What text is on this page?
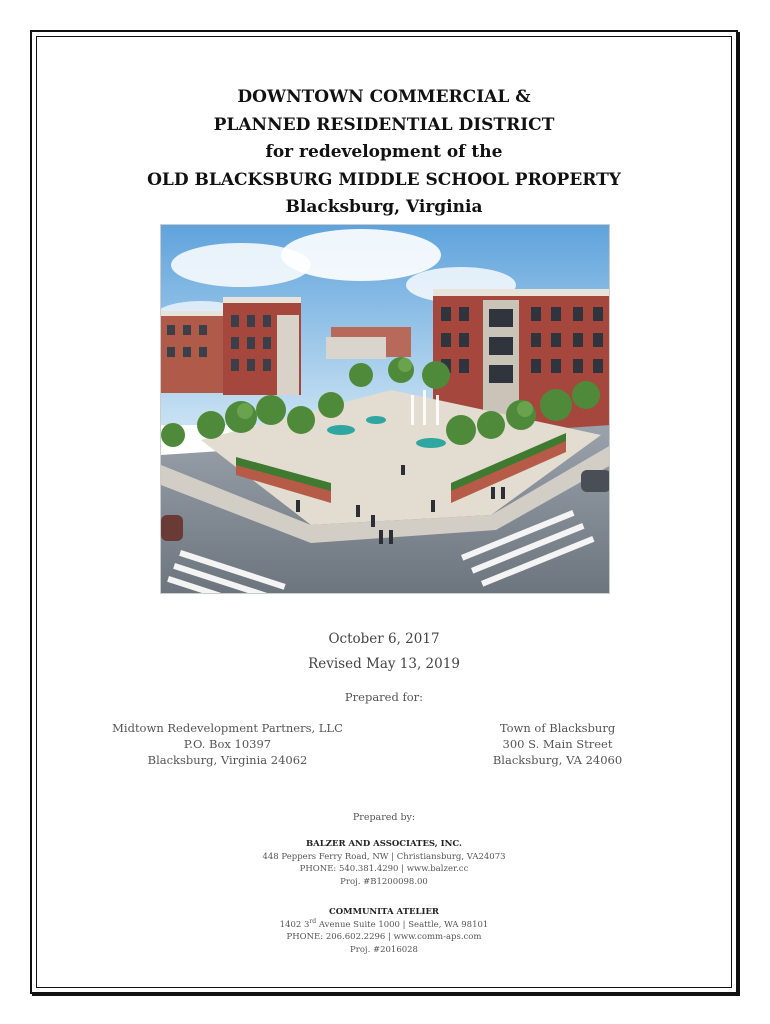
DOWNTOWN COMMERCIAL &
PLANNED RESIDENTIAL DISTRICT
for redevelopment of the
OLD BLACKSBURG MIDDLE SCHOOL PROPERTY
Blacksburg, Virginia
October 6, 2017
Revised May 13, 2019
Prepared for:
Midtown Redevelopment Partners, LLC
P.O. Box 10397
Blacksburg, Virginia 24062
Town of Blacksburg
300 S. Main Street
Blacksburg, VA 24060
Prepared by:
BALZER AND ASSOCIATES, INC.
448 Peppers Ferry Road, NW | Christiansburg, VA24073
PHONE: 540.381.4290 | www.balzer.cc
Proj. #B1200098.00
COMMUNITA ATELIER
1402 3rd Avenue Suite 1000 | Seattle, WA 98101
PHONE: 206.602.2296 | www.comm-aps.com
Proj. #2016028
